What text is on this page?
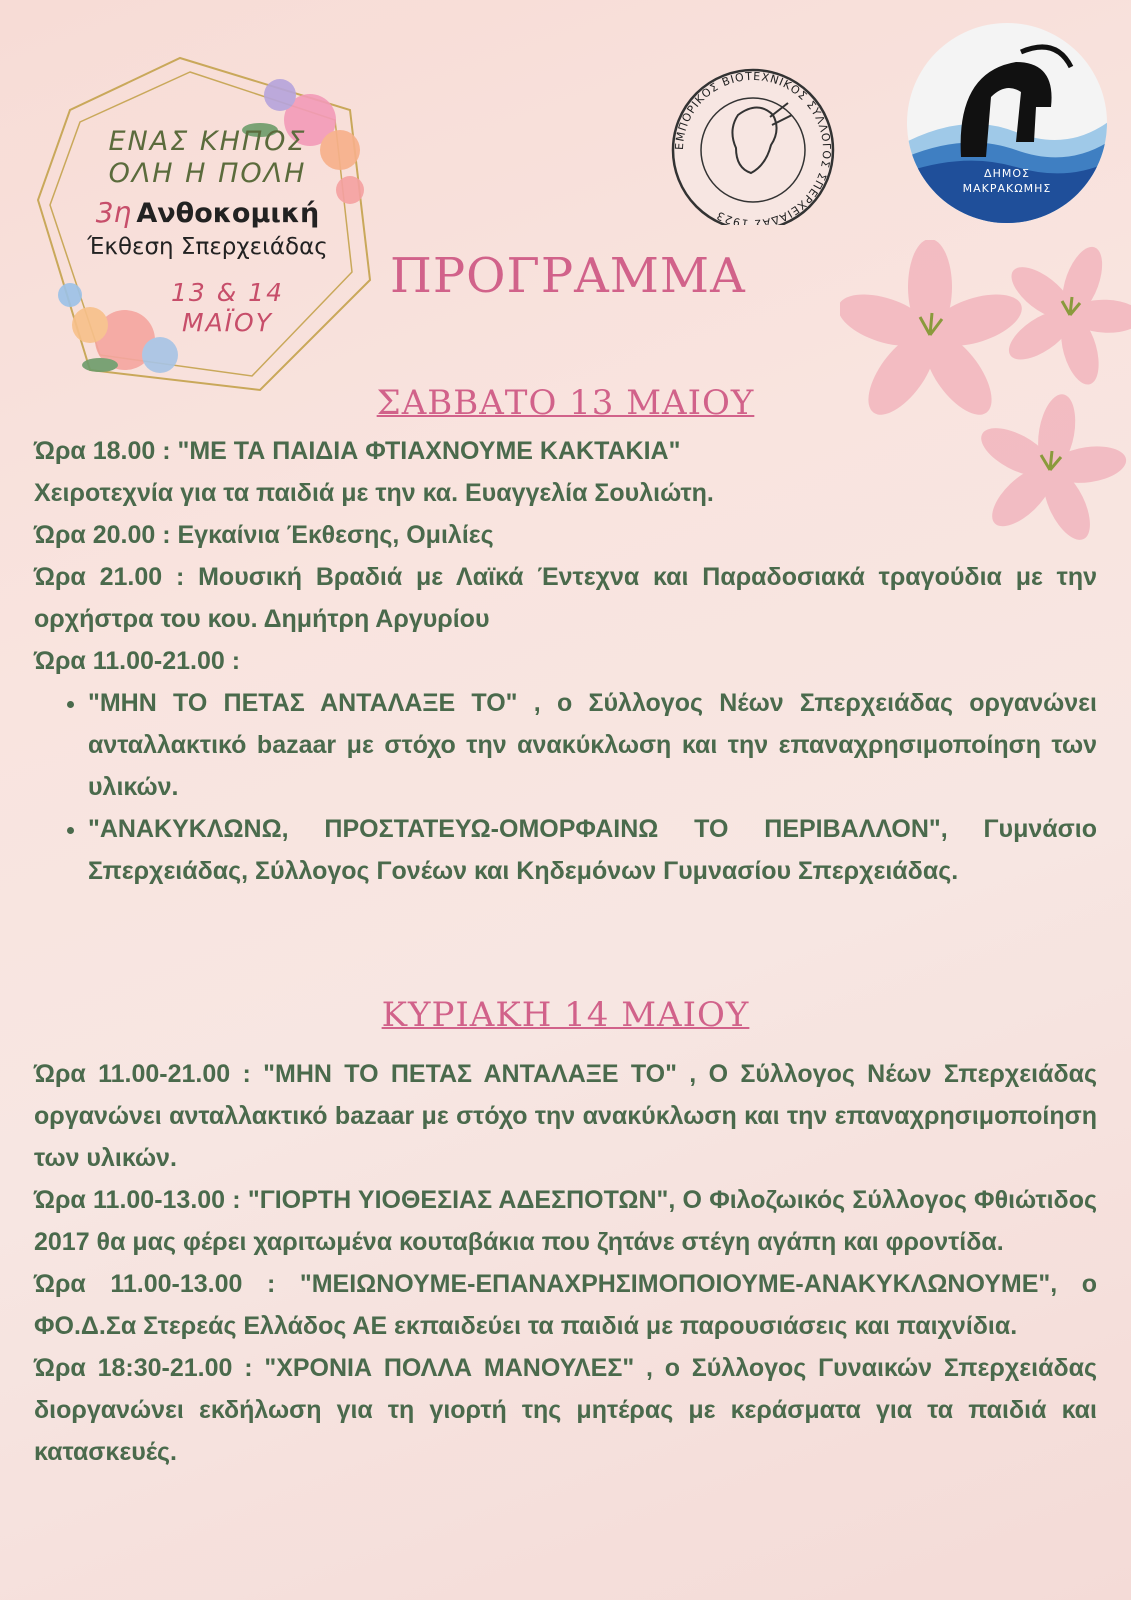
ΕΝΑΣ ΚΗΠΟΣ
ΟΛΗ Η ΠΟΛΗ
3η Ανθοκομική
Έκθεση Σπερχειάδας
13 & 14
ΜΑΪΟΥ
ΕΜΠΟΡΙΚΟΣ ΒΙΟΤΕΧΝΙΚΟΣ ΣΥΛΛΟΓΟΣ ΣΠΕΡΧΕΙΑΔΑΣ 1923
ΔΗΜΟΣ
ΜΑΚΡΑΚΩΜΗΣ
ΠΡΟΓΡΑΜΜΑ
ΣΑΒΒΑΤΟ 13 ΜΑΙΟΥ

Ώρα 18.00 : "ΜΕ ΤΑ ΠΑΙΔΙΑ ΦΤΙΑΧΝΟΥΜΕ ΚΑΚΤΑΚΙΑ"

Χειροτεχνία για τα παιδιά με την κα. Ευαγγελία Σουλιώτη.

Ώρα 20.00 : Εγκαίνια Έκθεσης, Ομιλίες

Ώρα 21.00 : Μουσική Βραδιά με Λαϊκά Έντεχνα και Παραδοσιακά τραγούδια με την ορχήστρα του κου. Δημήτρη Αργυρίου

Ώρα 11.00-21.00 :

• "ΜΗΝ ΤΟ ΠΕΤΑΣ ΑΝΤΑΛΑΞΕ ΤΟ" , ο Σύλλογος Νέων Σπερχειάδας οργανώνει ανταλλακτικό bazaar με στόχο την ανακύκλωση και την επαναχρησιμοποίηση των υλικών.
• "ΑΝΑΚΥΚΛΩΝΩ, ΠΡΟΣΤΑΤΕΥΩ-ΟΜΟΡΦΑΙΝΩ ΤΟ ΠΕΡΙΒΑΛΛΟΝ", Γυμνάσιο Σπερχειάδας, Σύλλογος Γονέων και Κηδεμόνων Γυμνασίου Σπερχειάδας.
ΚΥΡΙΑΚΗ 14 ΜΑΙΟΥ

Ώρα 11.00-21.00 : "ΜΗΝ ΤΟ ΠΕΤΑΣ ΑΝΤΑΛΑΞΕ ΤΟ" , Ο Σύλλογος Νέων Σπερχειάδας οργανώνει ανταλλακτικό bazaar με στόχο την ανακύκλωση και την επαναχρησιμοποίηση των υλικών.

Ώρα 11.00-13.00 : "ΓΙΟΡΤΗ ΥΙΟΘΕΣΙΑΣ ΑΔΕΣΠΟΤΩΝ", Ο Φιλοζωικός Σύλλογος Φθιώτιδος 2017 θα μας φέρει χαριτωμένα κουταβάκια που ζητάνε στέγη αγάπη και φροντίδα.

Ώρα 11.00-13.00 : "ΜΕΙΩΝΟΥΜΕ-ΕΠΑΝΑΧΡΗΣΙΜΟΠΟΙΟΥΜΕ-ΑΝΑΚΥΚΛΩΝΟΥΜΕ", ο ΦΟ.Δ.Σα Στερεάς Ελλάδος ΑΕ εκπαιδεύει τα παιδιά με παρουσιάσεις και παιχνίδια.

Ώρα 18:30-21.00 : "ΧΡΟΝΙΑ ΠΟΛΛΑ ΜΑΝΟΥΛΕΣ" , ο Σύλλογος Γυναικών Σπερχειάδας διοργανώνει εκδήλωση για τη γιορτή της μητέρας με κεράσματα για τα παιδιά και κατασκευές.
